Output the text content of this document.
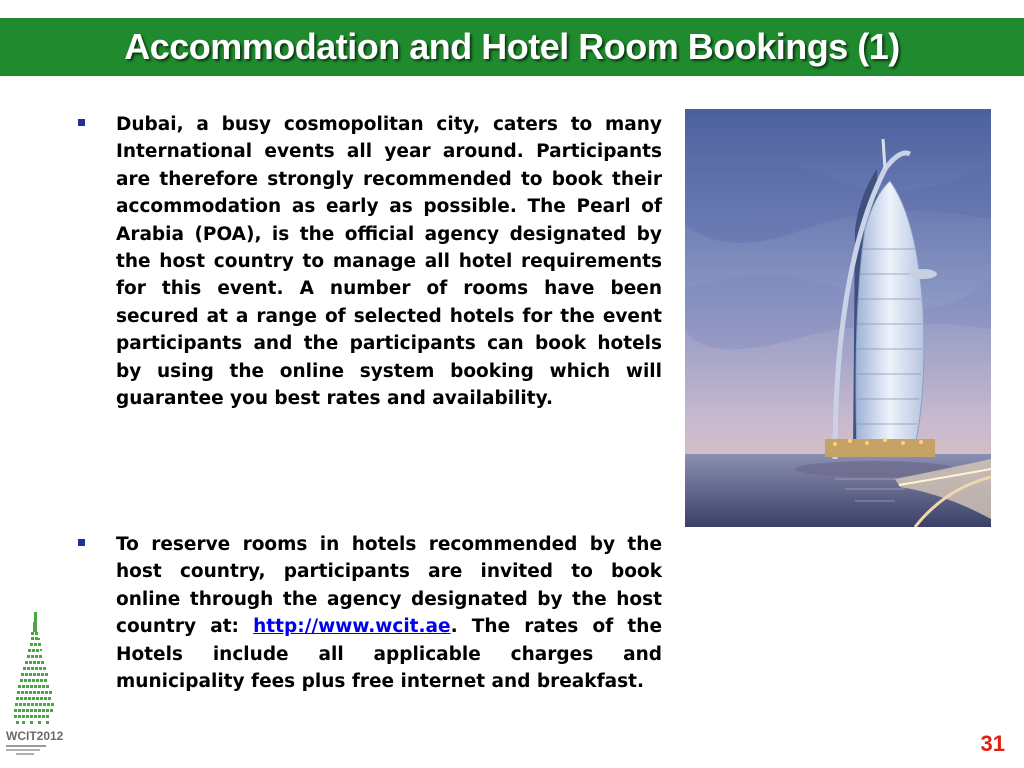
Accommodation and Hotel Room Bookings (1)
Dubai, a busy cosmopolitan city, caters to many International events all year around. Participants are therefore strongly recommended to book their accommodation as early as possible. The Pearl of Arabia (POA), is the official agency designated by the host country to manage all hotel requirements for this event. A number of rooms have been secured at a range of selected hotels for the event participants and the participants can book hotels by using the online system booking which will guarantee you best rates and availability.
To reserve rooms in hotels recommended by the host country, participants are invited to book online through the agency designated by the host country at: http://www.wcit.ae. The rates of the Hotels include all applicable charges and municipality fees plus free internet and breakfast.
WCIT2012	31
